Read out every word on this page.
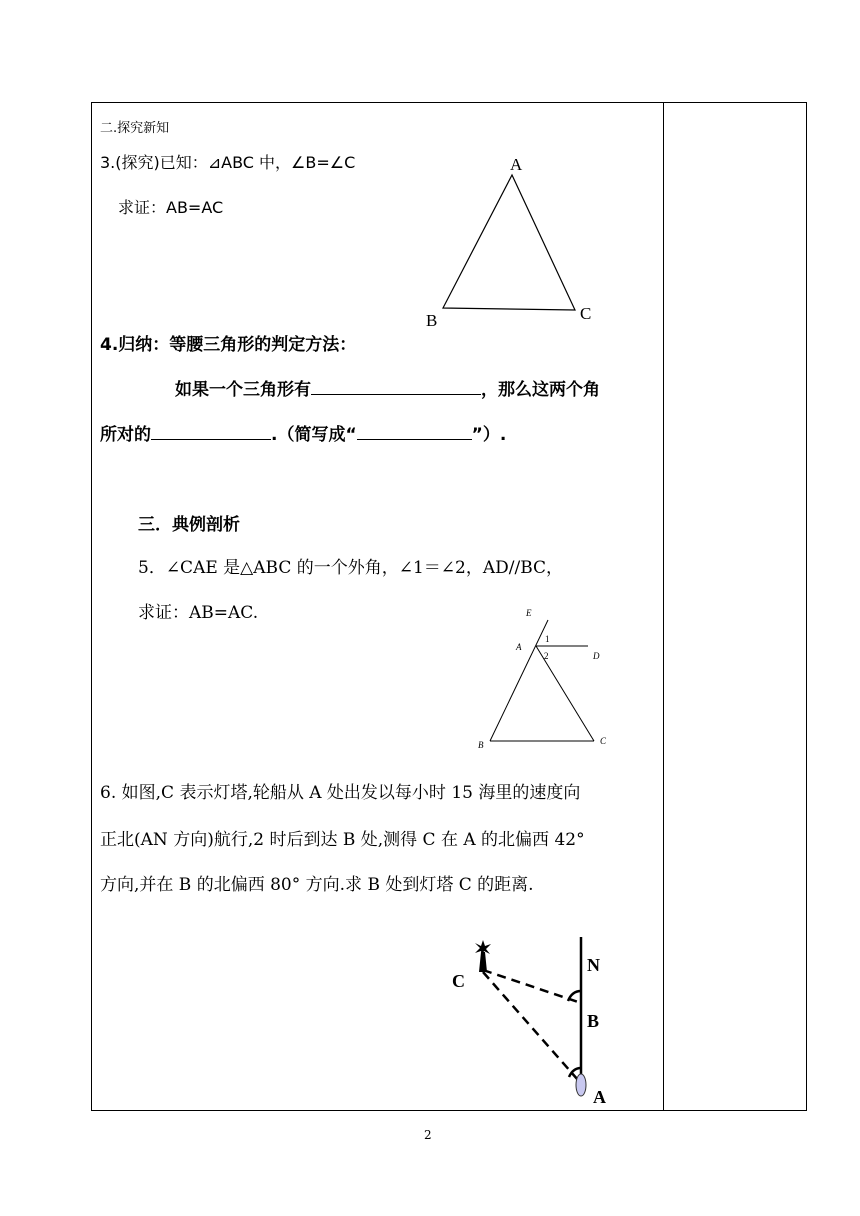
二.探究新知
3.(探究)已知：⊿ABC 中，∠B=∠C
求证：AB=AC
4.归纳：等腰三角形的判定方法：
如果一个三角形有	，那么这两个角
所对的	.（简写成“	”）.
三．典例剖析
5．∠CAE 是△ABC 的一个外角，∠1＝∠2，AD//BC，
求证：AB=AC.
6. 如图,C 表示灯塔,轮船从 A 处出发以每小时 15 海里的速度向
正北(AN 方向)航行,2 时后到达 B 处,测得 C 在 A 的北偏西 42°
方向,并在 B 的北偏西 80° 方向.求 B 处到灯塔 C 的距离.
A
B	C
E
A
1
2	D
B	C
C
N
B
A
2
